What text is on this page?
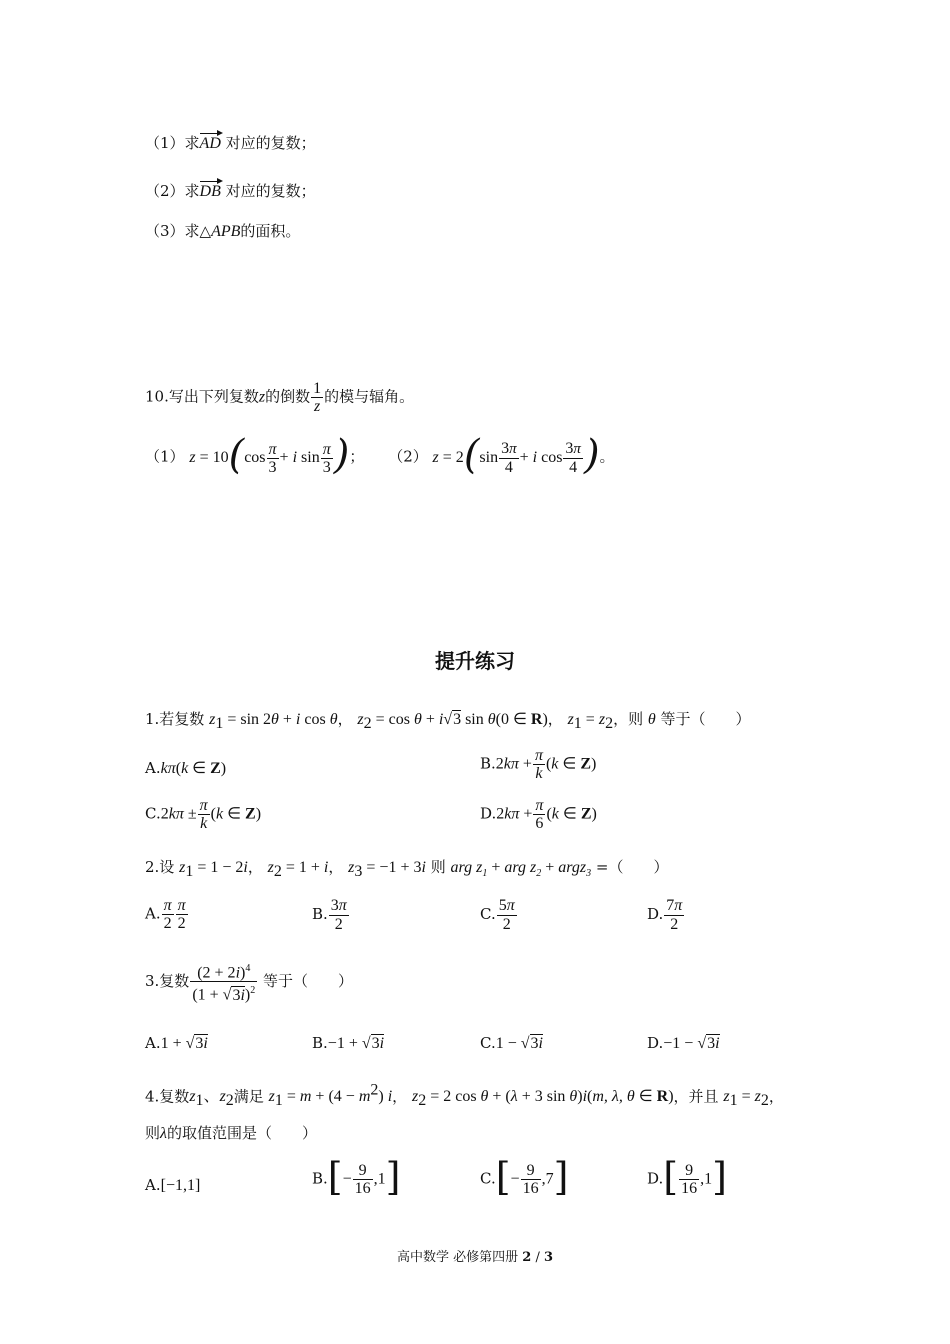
（1）求AD 对应的复数；
（2）求DB 对应的复数；
（3）求△APB的面积。
10.写出下列复数z的倒数 $\frac{1}{z}$ 的模与辐角。
（1） $z = 10(\cos \frac{\pi}{3} + i$ $\sin \frac{\pi}{3}$ )； （2） $z = 2(\sin \frac{3\pi}{4} + i$ $\cos \frac{3\pi}{4}$ )。
提升练习
1.若复数 $z_1 = \sin 2\theta + i$ cos θ， $z_2 = \cos \theta + i√3$ sin θ(0 ∈ R)， $z_1 = z_2$，则 θ 等于（　　）
A.kπ(k ∈ Z)	$B.2k\pi + \frac{\pi}{k} (k$ ∈ Z)
$C.2k\pi \pm \frac{\pi}{k} (k$ ∈ Z)	$D.2k\pi + \frac{\pi}{6} (k$ ∈ Z)
2.设 $z_1 = 1 - 2i$， $z_2 = 1 + i$， $z_3 = -1 + 3i$ 则 arg $z_1$ + arg $z_2$ + argz$_3$ =（　　）
A. $\frac{\pi}{2} \frac{\pi}{2}$	B. $\frac{3\pi}{2}$	C. $\frac{5\pi}{2}$	D. $\frac{7\pi}{2}$
3.复数 $\frac{(2 + 2i)^4}{(1 + √3i)^2}$ 等于（　　）
A.1 + √3i	B.−1 + √3i	C.1 − √3i	D.−1 − √3i
4.复数$z_1$、$z_2$满足 $z_1 = m + (4 - m^2)$ i， $z_2 = 2$ cos θ + (λ + 3 sin θ)i(m, λ, θ ∈ R)，并且 $z_1 = z_2$，
则λ的取值范围是（　　）
A.[−1,1]	$B.[- \frac{9}{16} ,1]$	$C.[- \frac{9}{16} ,7]$	$D.[ \frac{9}{16} ,1]$
高中数学 必修第四册 2 / 3
